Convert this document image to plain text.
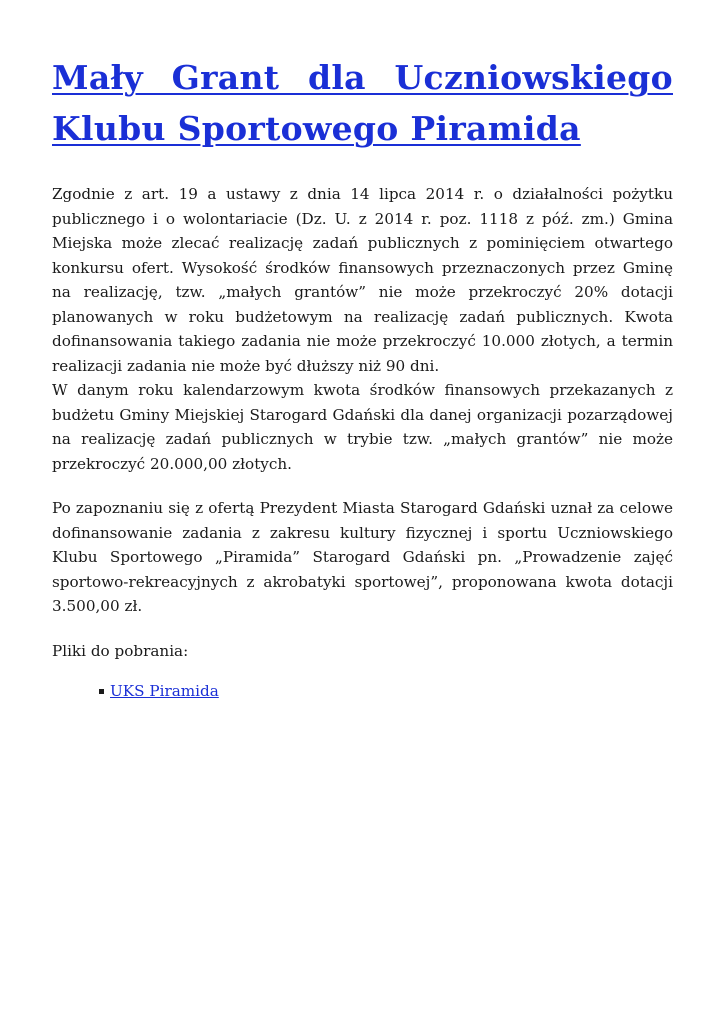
Mały Grant dla Uczniowskiego Klubu Sportowego Piramida

Zgodnie z art. 19 a ustawy z dnia 14 lipca 2014 r. o działalności pożytku publicznego i o wolontariacie (Dz. U. z 2014 r. poz. 1118 z póź. zm.) Gmina Miejska może zlecać realizację zadań publicznych z pominięciem otwartego konkursu ofert. Wysokość środków finansowych przeznaczonych przez Gminę na realizację, tzw. „małych grantów” nie może przekroczyć 20% dotacji planowanych w roku budżetowym na realizację zadań publicznych. Kwota dofinansowania takiego zadania nie może przekroczyć 10.000 złotych, a termin realizacji zadania nie może być dłuższy niż 90 dni.

W danym roku kalendarzowym kwota środków finansowych przekazanych z budżetu Gminy Miejskiej Starogard Gdański dla danej organizacji pozarządowej na realizację zadań publicznych w trybie tzw. „małych grantów” nie może przekroczyć 20.000,00 złotych.

Po zapoznaniu się z ofertą Prezydent Miasta Starogard Gdański uznał za celowe dofinansowanie zadania z zakresu kultury fizycznej i sportu Uczniowskiego Klubu Sportowego „Piramida” Starogard Gdański pn. „Prowadzenie zajęć sportowo-rekreacyjnych z akrobatyki sportowej”, proponowana kwota dotacji 3.500,00 zł.

Pliki do pobrania:
UKS Piramida
